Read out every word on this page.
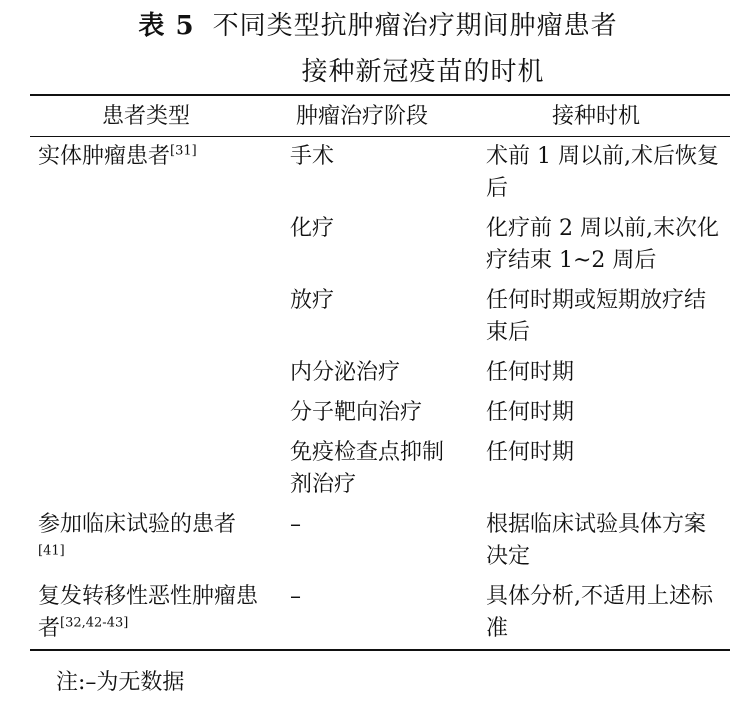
表 5 不同类型抗肿瘤治疗期间肿瘤患者
接种新冠疫苗的时机
患者类型	肿瘤治疗阶段	接种时机
实体肿瘤患者[31]	手术	术前 1 周以前,术后恢复后
	化疗	化疗前 2 周以前,末次化疗结束 1~2 周后
	放疗	任何时期或短期放疗结束后
	内分泌治疗	任何时期
	分子靶向治疗	任何时期
	免疫检查点抑制剂治疗	任何时期
参加临床试验的患者[41]	–	根据临床试验具体方案决定
复发转移性恶性肿瘤患者[32,42-43]	–	具体分析,不适用上述标准
注:–为无数据
